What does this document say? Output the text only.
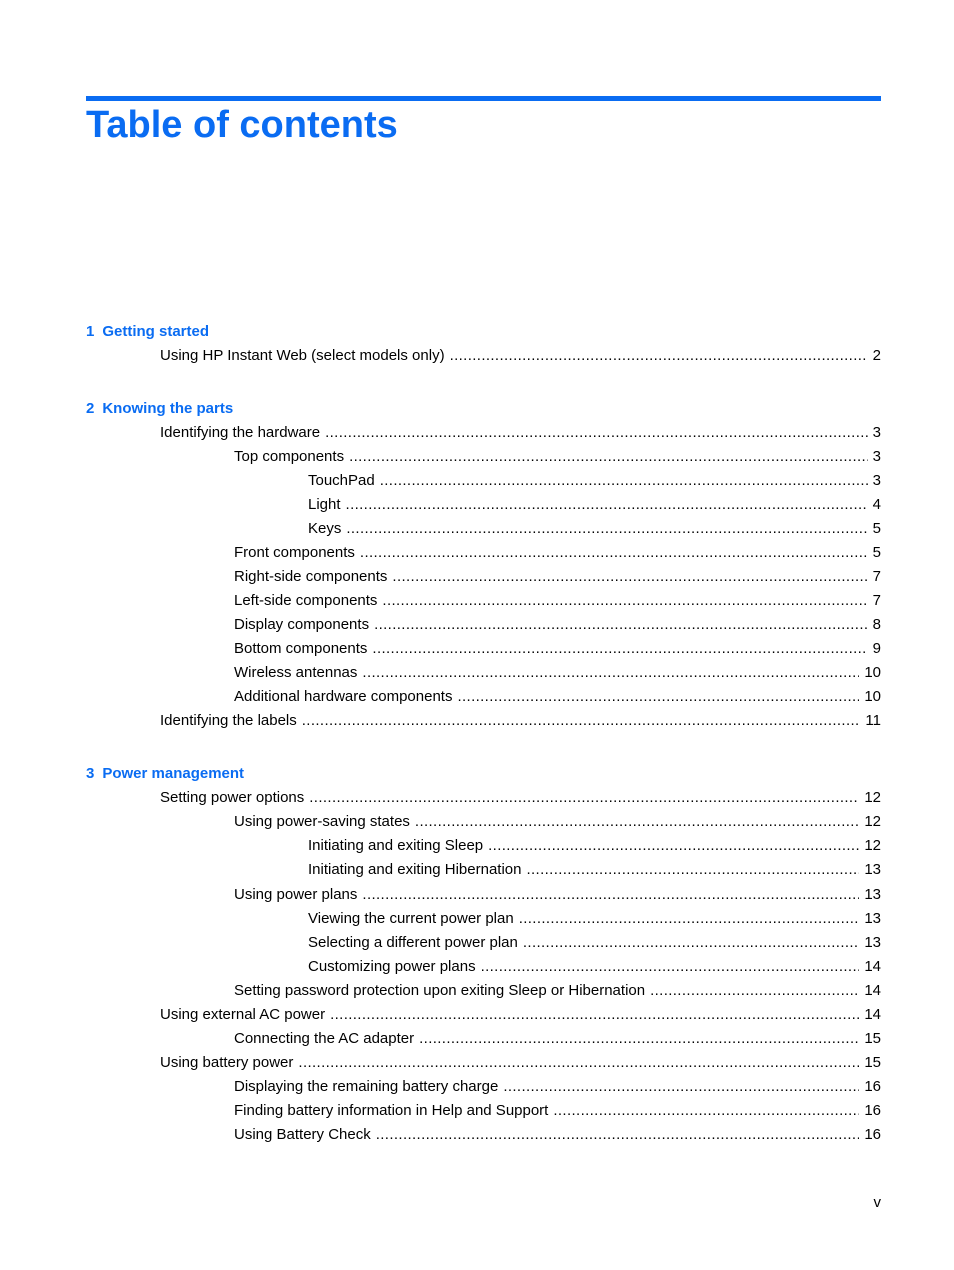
Table of contents
1 Getting started
Using HP Instant Web (select models only) . . .	2
2 Knowing the parts
Identifying the hardware . . .	3
Top components . . .	3
TouchPad . . .	3
Light . . .	4
Keys . . .	5
Front components . . .	5
Right-side components . . .	7
Left-side components . . .	7
Display components . . .	8
Bottom components . . .	9
Wireless antennas . . .	10
Additional hardware components . . .	10
Identifying the labels . . .	11
3 Power management
Setting power options . . .	12
Using power-saving states . . .	12
Initiating and exiting Sleep . . .	12
Initiating and exiting Hibernation . . .	13
Using power plans . . .	13
Viewing the current power plan . . .	13
Selecting a different power plan . . .	13
Customizing power plans . . .	14
Setting password protection upon exiting Sleep or Hibernation . . .	14
Using external AC power . . .	14
Connecting the AC adapter . . .	15
Using battery power . . .	15
Displaying the remaining battery charge . . .	16
Finding battery information in Help and Support . . .	16
Using Battery Check . . .	16
v
